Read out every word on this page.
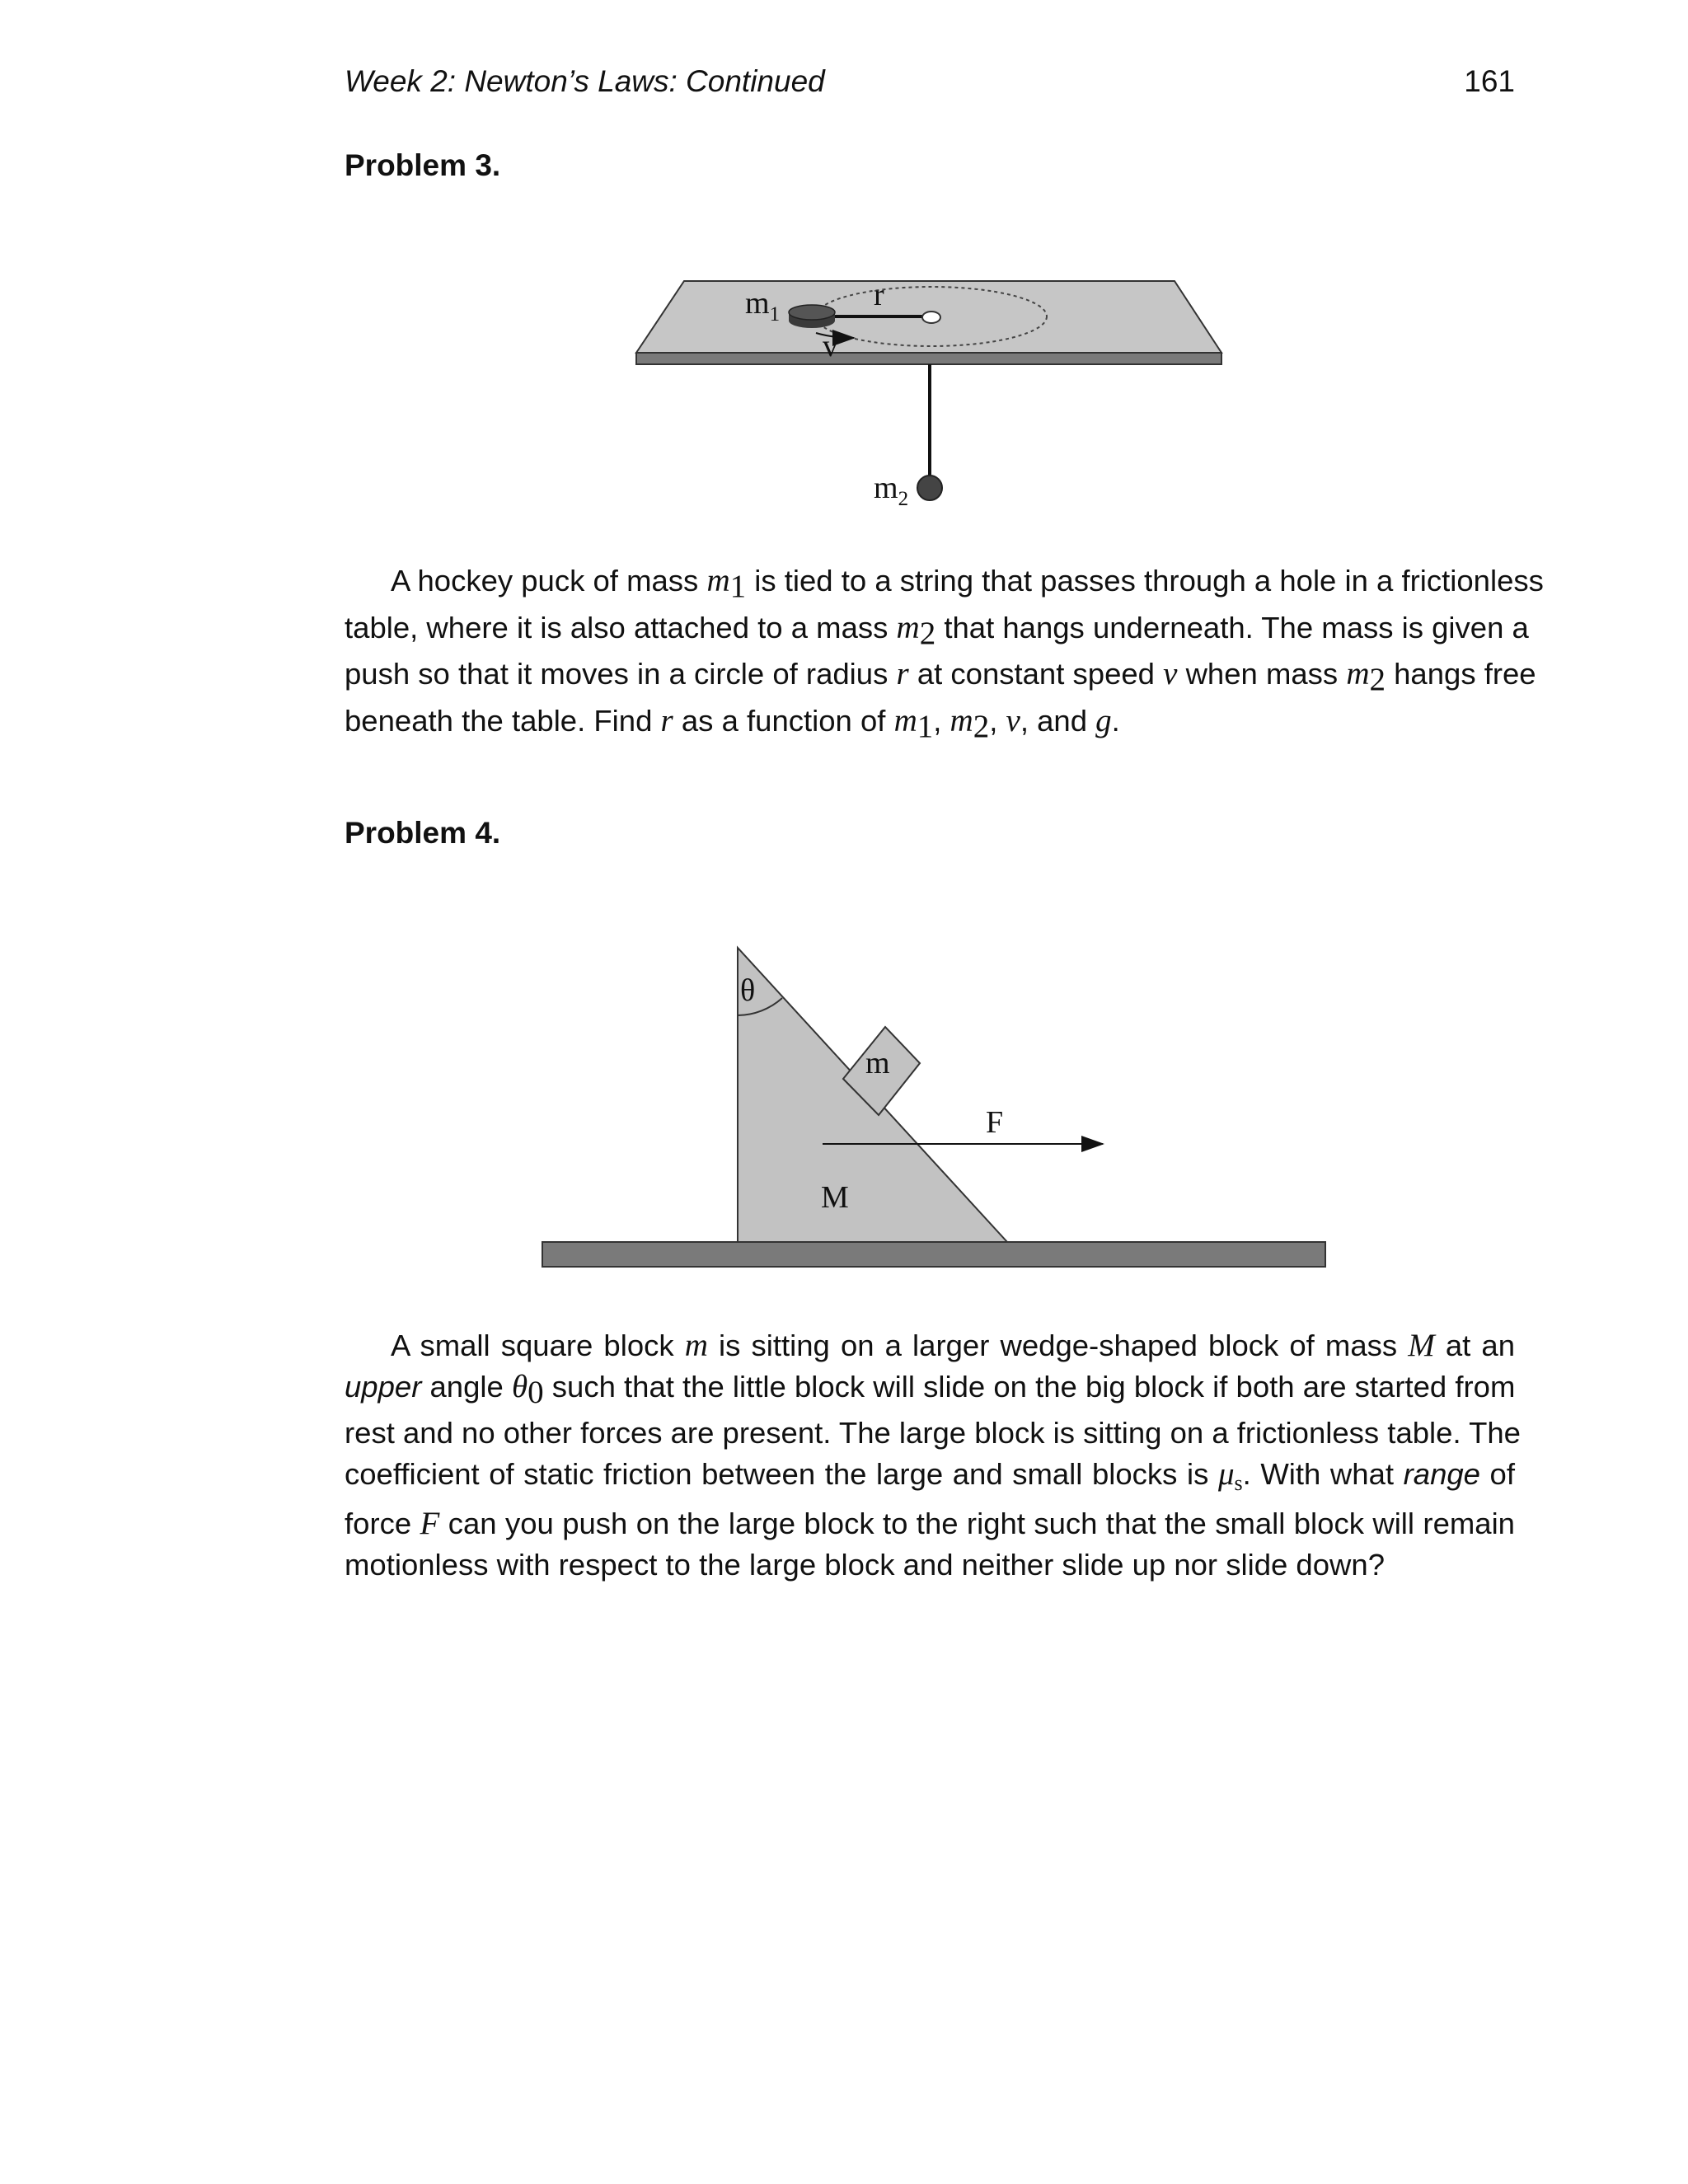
Week 2: Newton’s Laws: Continued	161
Problem 3.
$m_1$
r
v
$m_2$
θ
m
F
M
A hockey puck of mass m1 is tied to a string that passes through a hole in a frictionless
table, where it is also attached to a mass m2 that hangs underneath. The mass is given a
push so that it moves in a circle of radius r at constant speed v when mass m2 hangs free
beneath the table. Find r as a function of m1, m2, v, and g.
Problem 4.
A small square block m is sitting on a larger wedge-shaped block of mass M at an
upper angle θ0 such that the little block will slide on the big block if both are started from
rest and no other forces are present. The large block is sitting on a frictionless table. The
coefficient of static friction between the large and small blocks is $\mu_s$. With what range of
force F can you push on the large block to the right such that the small block will remain
motionless with respect to the large block and neither slide up nor slide down?
